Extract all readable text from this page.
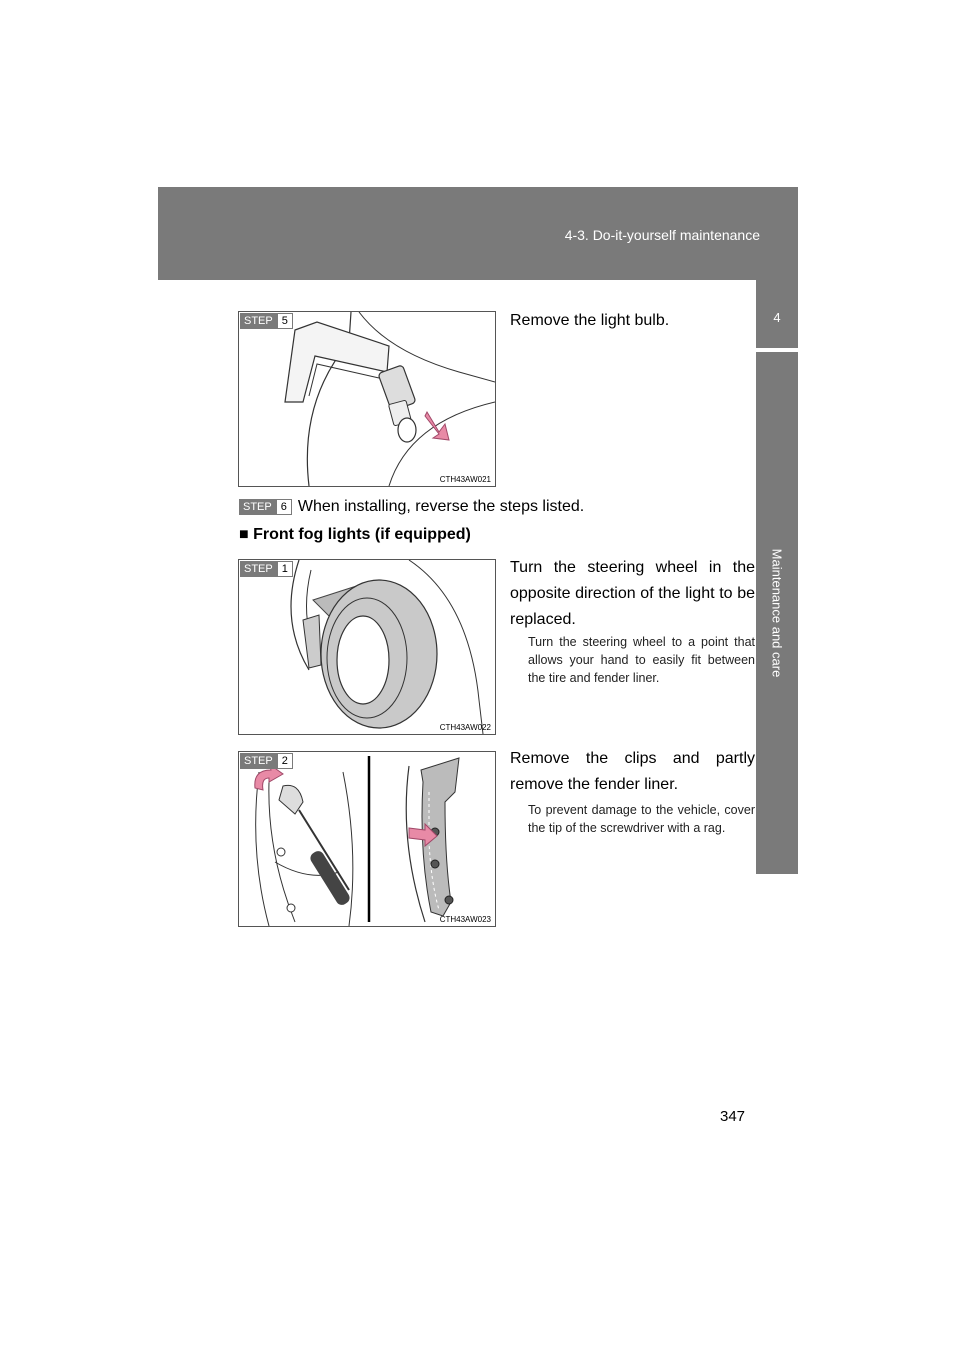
4-3. Do-it-yourself maintenance
4
Maintenance and care
STEP 5
CTH43AW021
Remove the light bulb.
STEP 6 When installing, reverse the steps listed.
■ Front fog lights (if equipped)
STEP 1
CTH43AW022
Turn the steering wheel in the opposite direction of the light to be replaced.
Turn the steering wheel to a point that allows your hand to easily fit between the tire and fender liner.
STEP 2
CTH43AW023
Remove the clips and partly remove the fender liner.
To prevent damage to the vehicle, cover the tip of the screwdriver with a rag.
347
